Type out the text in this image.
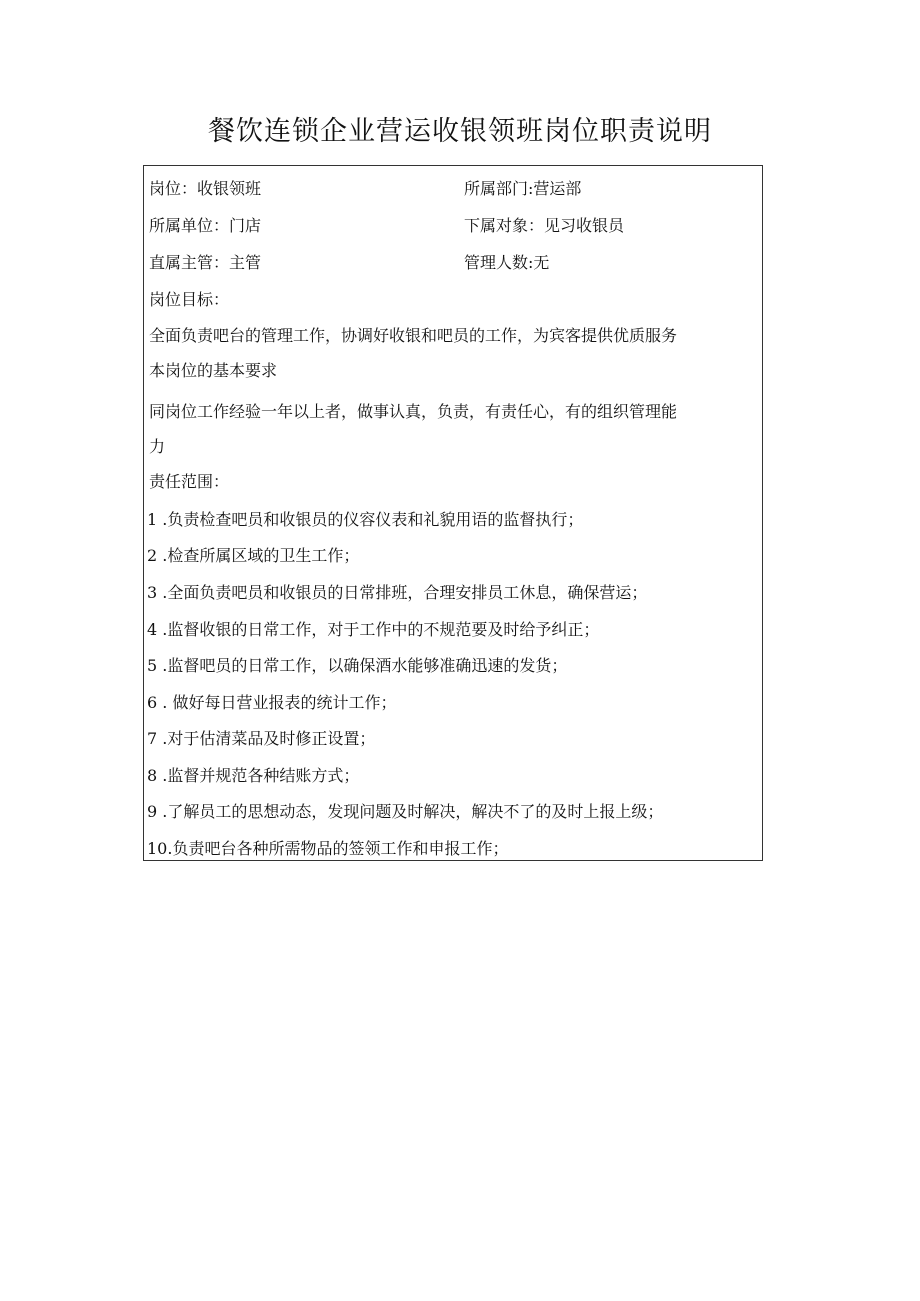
餐饮连锁企业营运收银领班岗位职责说明
岗位：收银领班	所属部门:营运部
所属单位：门店	下属对象：见习收银员
直属主管：主管	管理人数:无
岗位目标：
全面负责吧台的管理工作，协调好收银和吧员的工作，为宾客提供优质服务
本岗位的基本要求
同岗位工作经验一年以上者，做事认真，负责，有责任心，有的组织管理能
力
责任范围：
1 .负责检查吧员和收银员的仪容仪表和礼貌用语的监督执行；
2 .检查所属区域的卫生工作；
3 .全面负责吧员和收银员的日常排班，合理安排员工休息，确保营运；
4 .监督收银的日常工作，对于工作中的不规范要及时给予纠正；
5 .监督吧员的日常工作，以确保酒水能够准确迅速的发货；
6 . 做好每日营业报表的统计工作；
7 .对于估清菜品及时修正设置；
8 .监督并规范各种结账方式；
9 .了解员工的思想动态，发现问题及时解决，解决不了的及时上报上级；
10.负责吧台各种所需物品的签领工作和申报工作；
